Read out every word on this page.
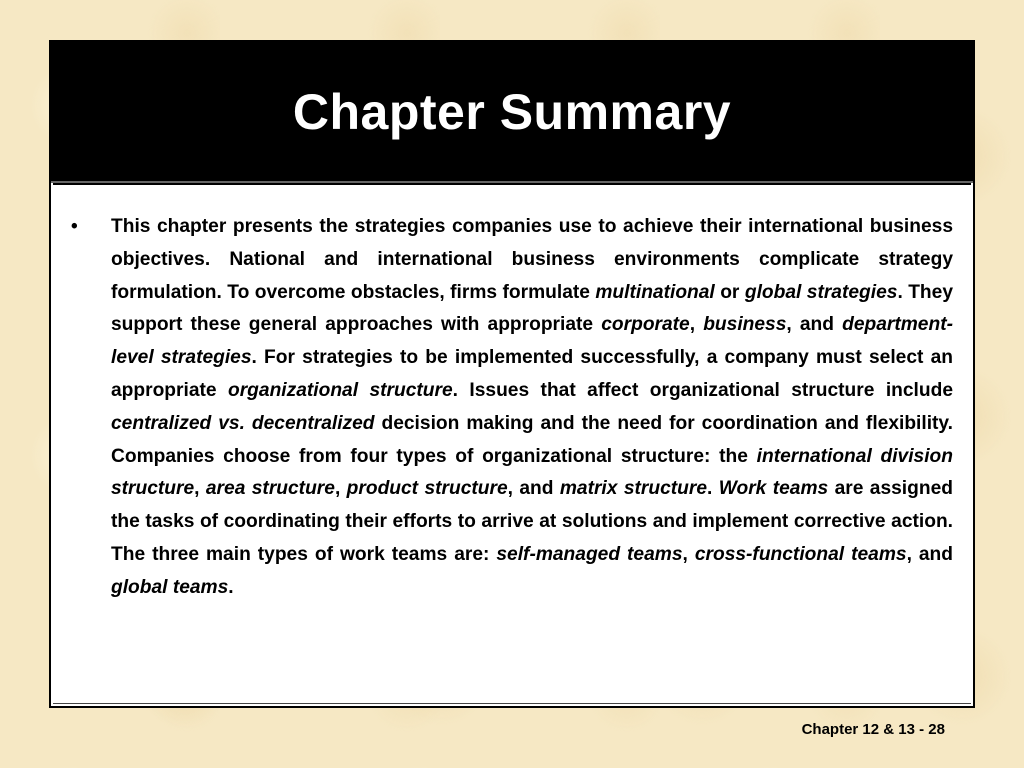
Chapter Summary
•	This chapter presents the strategies companies use to achieve their international business objectives. National and international business environments complicate strategy formulation. To overcome obstacles, firms formulate multinational or global strategies. They support these general approaches with appropriate corporate, business, and department-level strategies. For strategies to be implemented successfully, a company must select an appropriate organizational structure. Issues that affect organizational structure include centralized vs. decentralized decision making and the need for coordination and flexibility. Companies choose from four types of organizational structure: the international division structure, area structure, product structure, and matrix structure. Work teams are assigned the tasks of coordinating their efforts to arrive at solutions and implement corrective action. The three main types of work teams are: self-managed teams, cross-functional teams, and global teams.

Chapter 12 & 13 - 28
